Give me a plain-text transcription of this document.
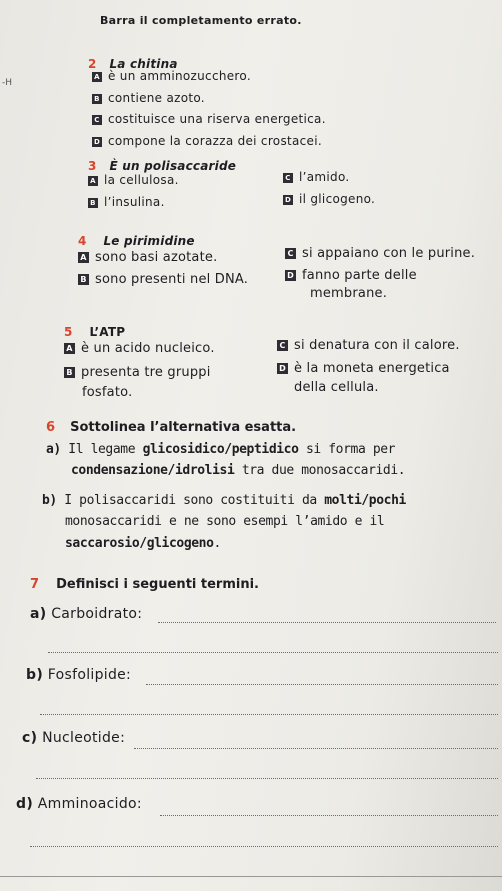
-H
Barra il completamento errato.
2 La chitina
A è un amminozucchero.
B contiene azoto.
C costituisce una riserva energetica.
D compone la corazza dei crostacei.
3 È un polisaccaride
A la cellulosa.
B l’insulina.
C l’amido.
D il glicogeno.
4 Le pirimidine
A sono basi azotate.
B sono presenti nel DNA.
C si appaiano con le purine.
D fanno parte delle
membrane.
5 L’ATP
A è un acido nucleico.
B presenta tre gruppi
fosfato.
C si denatura con il calore.
D è la moneta energetica
della cellula.
6 Sottolinea l’alternativa esatta.
a) Il legame glicosidico/peptidico si forma per
condensazione/idrolisi tra due monosaccaridi.
b) I polisaccaridi sono costituiti da molti/pochi
monosaccaridi e ne sono esempi l’amido e il
saccarosio/glicogeno.
7 Definisci i seguenti termini.
a) Carboidrato:
b) Fosfolipide:
c) Nucleotide:
d) Amminoacido:
